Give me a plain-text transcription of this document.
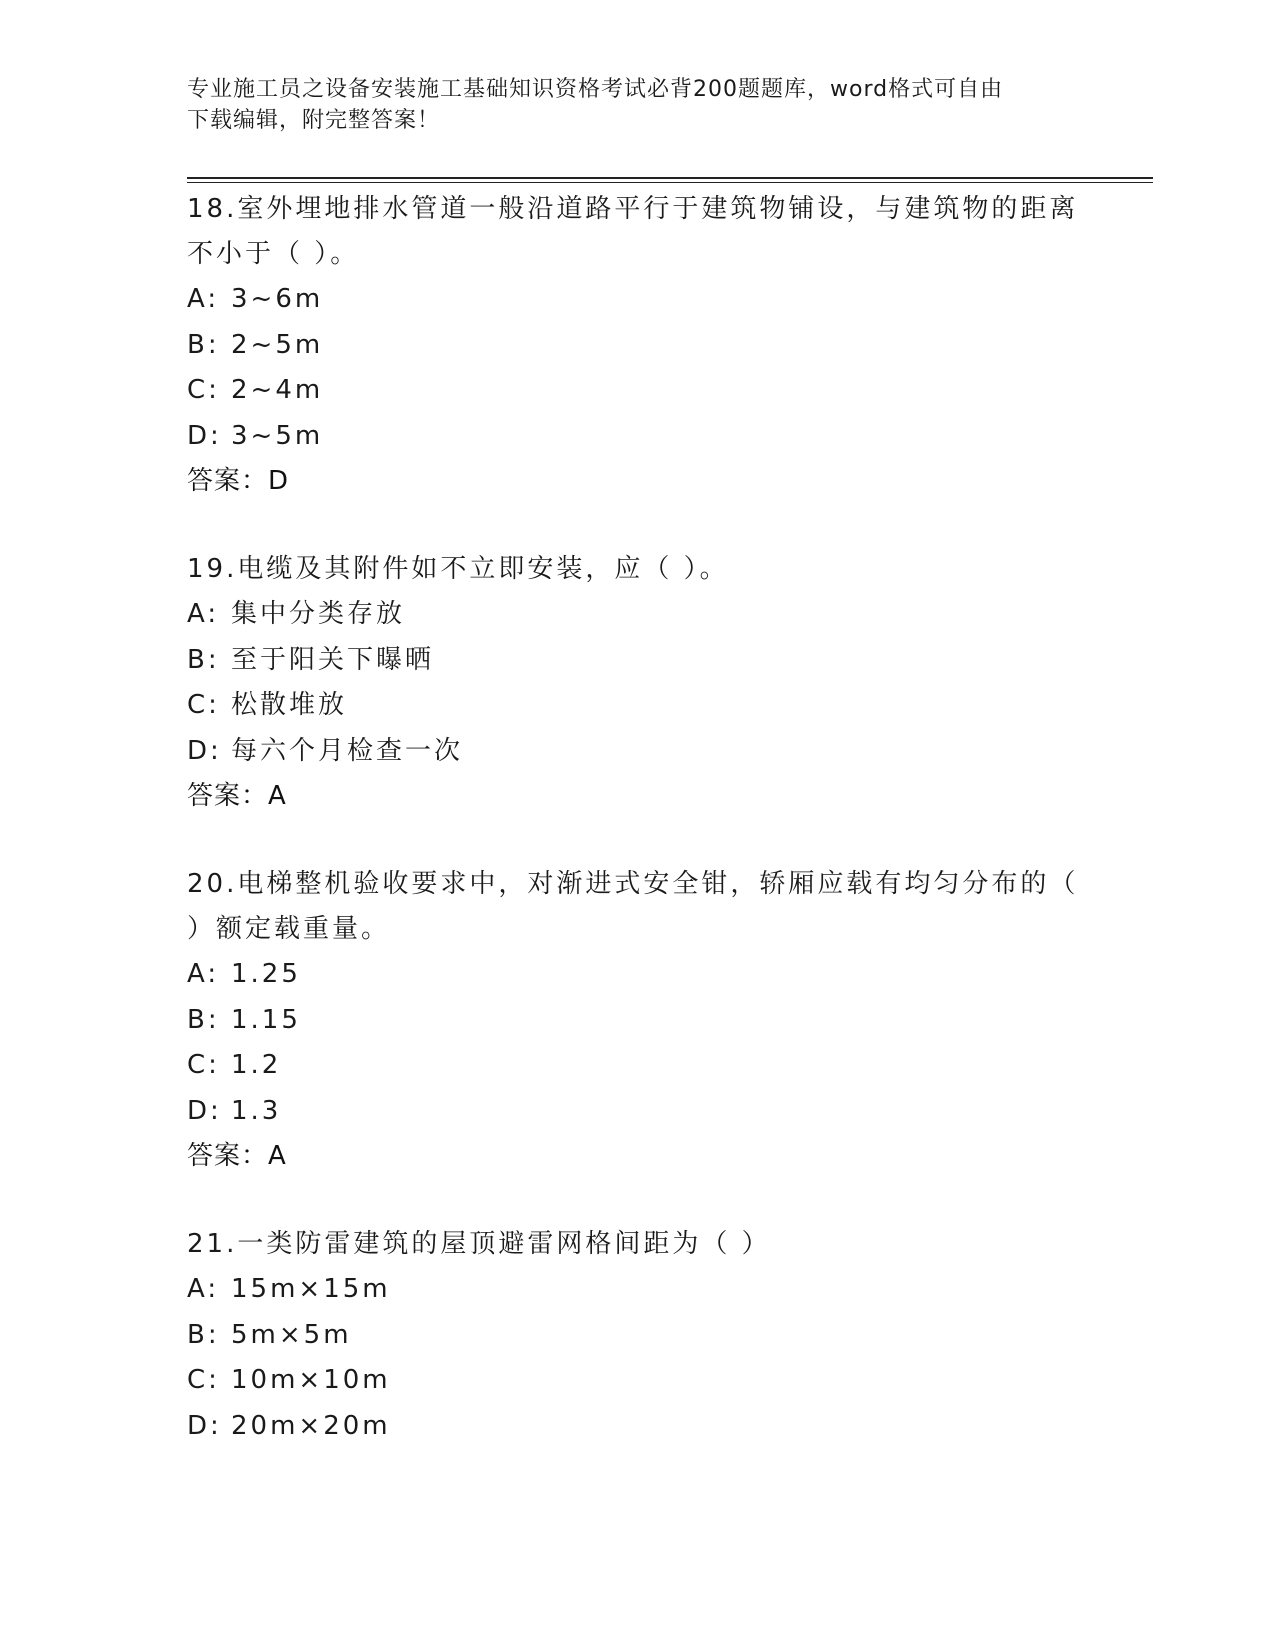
专业施工员之设备安装施工基础知识资格考试必背200题题库，word格式可自由
下载编辑，附完整答案！
18.室外埋地排水管道一般沿道路平行于建筑物铺设，与建筑物的距离
不小于（ ）。
A: 3~6m
B: 2~5m
C: 2~4m
D: 3~5m
答案：D
19.电缆及其附件如不立即安装，应（ ）。
A: 集中分类存放
B: 至于阳关下曝晒
C: 松散堆放
D: 每六个月检查一次
答案：A
20.电梯整机验收要求中，对渐进式安全钳，轿厢应载有均匀分布的（
）额定载重量。
A: 1.25
B: 1.15
C: 1.2
D: 1.3
答案：A
21.一类防雷建筑的屋顶避雷网格间距为（ ）
A: 15m×15m
B: 5m×5m
C: 10m×10m
D: 20m×20m
